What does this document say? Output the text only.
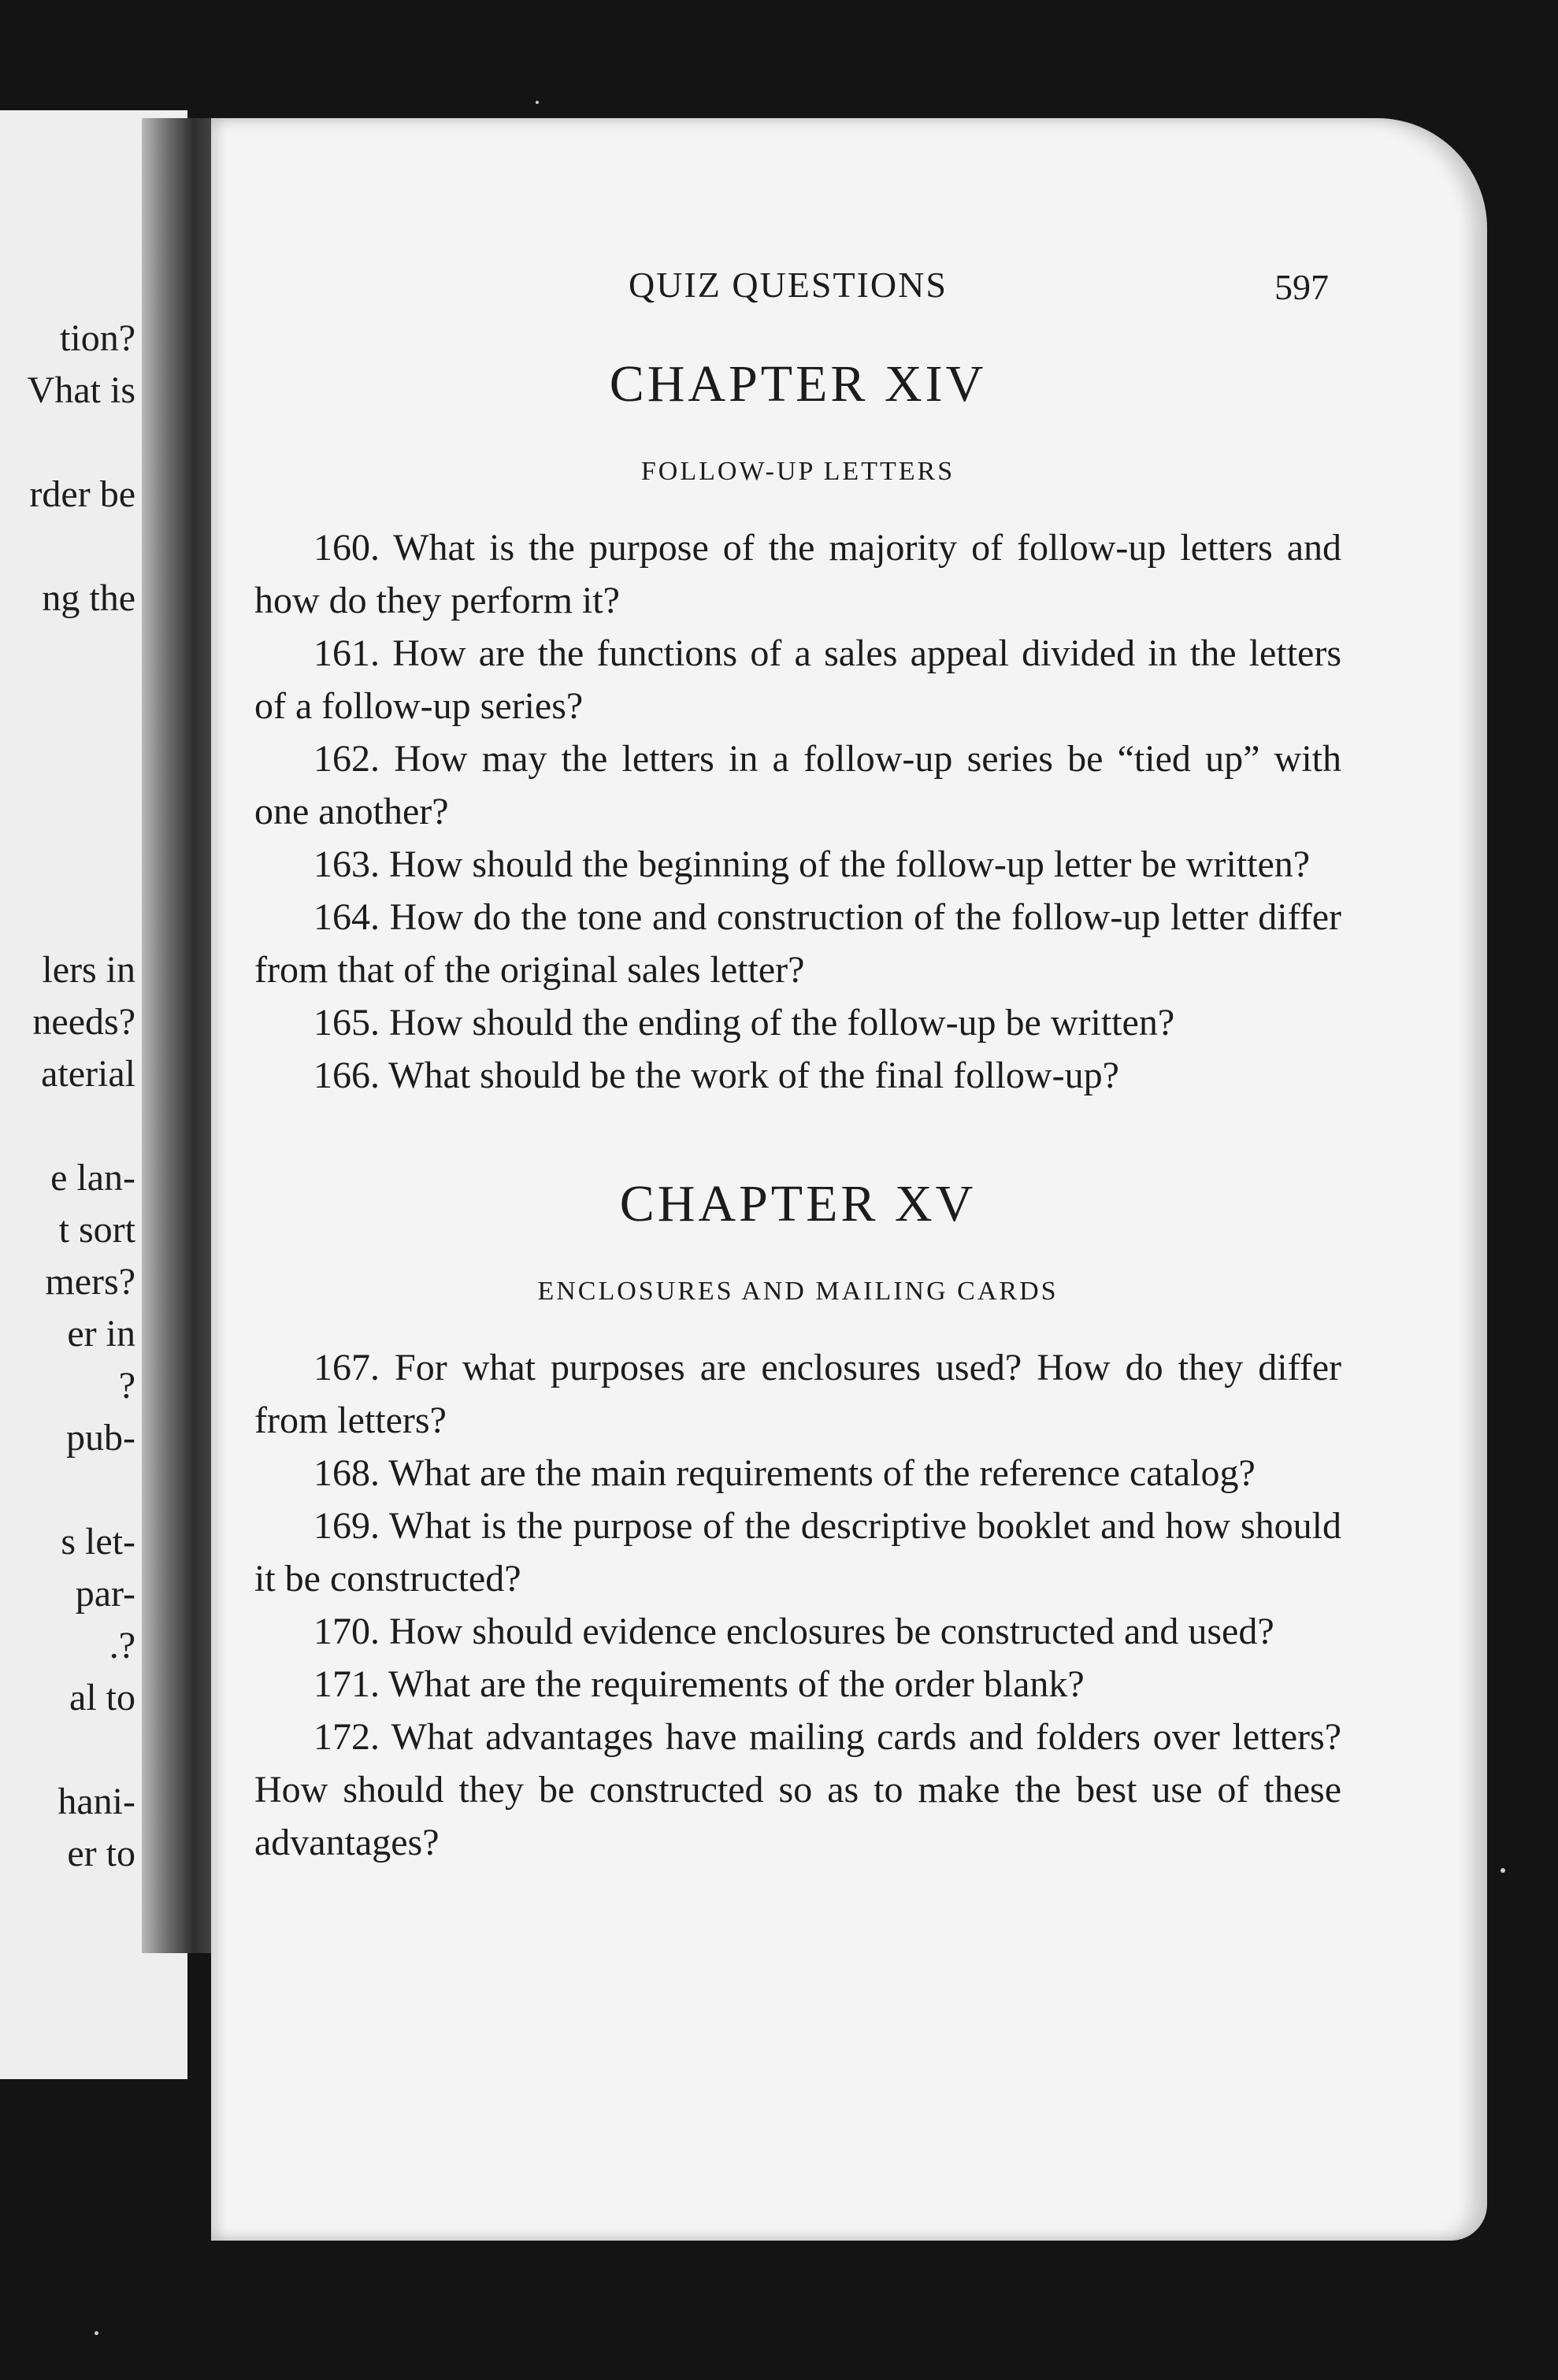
tion?
Vhat is
rder be
ng the
lers in
needs?
aterial
e lan-
t sort
mers?
er in
?
pub-
s let-
par-
.?
al to
hani-
er to
QUIZ QUESTIONS	597
CHAPTER XIV
FOLLOW-UP LETTERS

160. What is the purpose of the majority of follow-up letters and how do they perform it?

161. How are the functions of a sales appeal divided in the letters of a follow-up series?

162. How may the letters in a follow-up series be “tied up” with one another?

163. How should the beginning of the follow-up letter be written?

164. How do the tone and construction of the follow-up letter differ from that of the original sales letter?

165. How should the ending of the follow-up be written?

166. What should be the work of the final follow-up?

CHAPTER XV
ENCLOSURES AND MAILING CARDS

167. For what purposes are enclosures used? How do they differ from letters?

168. What are the main requirements of the reference catalog?

169. What is the purpose of the descriptive booklet and how should it be constructed?

170. How should evidence enclosures be constructed and used?

171. What are the requirements of the order blank?

172. What advantages have mailing cards and folders over letters? How should they be constructed so as to make the best use of these advantages?
